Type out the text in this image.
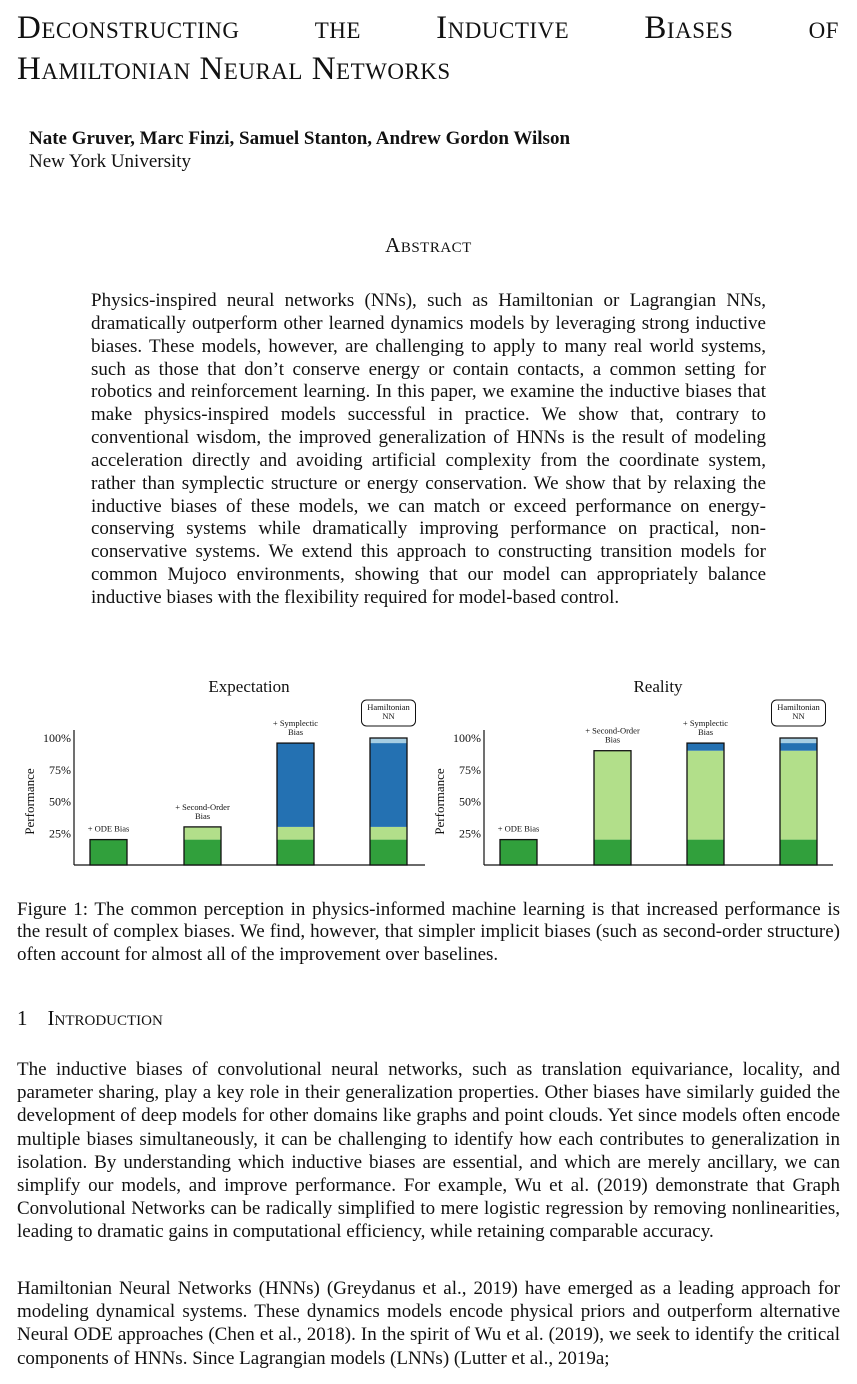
Deconstructing the Inductive Biases of
Hamiltonian Neural Networks
Nate Gruver, Marc Finzi, Samuel Stanton, Andrew Gordon Wilson
New York University
Abstract
Physics-inspired neural networks (NNs), such as Hamiltonian or Lagrangian NNs, dramatically outperform other learned dynamics models by leveraging strong inductive biases. These models, however, are challenging to apply to many real world systems, such as those that don’t conserve energy or contain contacts, a common setting for robotics and reinforcement learning. In this paper, we examine the inductive biases that make physics-inspired models successful in practice. We show that, contrary to conventional wisdom, the improved generalization of HNNs is the result of modeling acceleration directly and avoiding artificial complexity from the coordinate system, rather than symplectic structure or energy conservation. We show that by relaxing the inductive biases of these models, we can match or exceed performance on energy-conserving systems while dramatically improving performance on practical, non-conservative systems. We extend this approach to constructing transition models for common Mujoco environments, showing that our model can appropriately balance inductive biases with the flexibility required for model-based control.
Expectation
Performance 25%
50%
75%
100%
+ ODE Bias
+ Second-Order
Bias
+ Symplectic
Bias
Hamiltonian
NN
Reality
Performance 25%
50%
75%
100%
+ ODE Bias
+ Second-Order
Bias
+ Symplectic
Bias
Hamiltonian
NN
Figure 1: The common perception in physics-informed machine learning is that increased performance is the result of complex biases. We find, however, that simpler implicit biases (such as second-order structure) often account for almost all of the improvement over baselines.
1 Introduction
The inductive biases of convolutional neural networks, such as translation equivariance, locality, and parameter sharing, play a key role in their generalization properties. Other biases have similarly guided the development of deep models for other domains like graphs and point clouds. Yet since models often encode multiple biases simultaneously, it can be challenging to identify how each contributes to generalization in isolation. By understanding which inductive biases are essential, and which are merely ancillary, we can simplify our models, and improve performance. For example, Wu et al. (2019) demonstrate that Graph Convolutional Networks can be radically simplified to mere logistic regression by removing nonlinearities, leading to dramatic gains in computational efficiency, while retaining comparable accuracy.
Hamiltonian Neural Networks (HNNs) (Greydanus et al., 2019) have emerged as a leading approach for modeling dynamical systems. These dynamics models encode physical priors and outperform alternative Neural ODE approaches (Chen et al., 2018). In the spirit of Wu et al. (2019), we seek to identify the critical components of HNNs. Since Lagrangian models (LNNs) (Lutter et al., 2019a;
